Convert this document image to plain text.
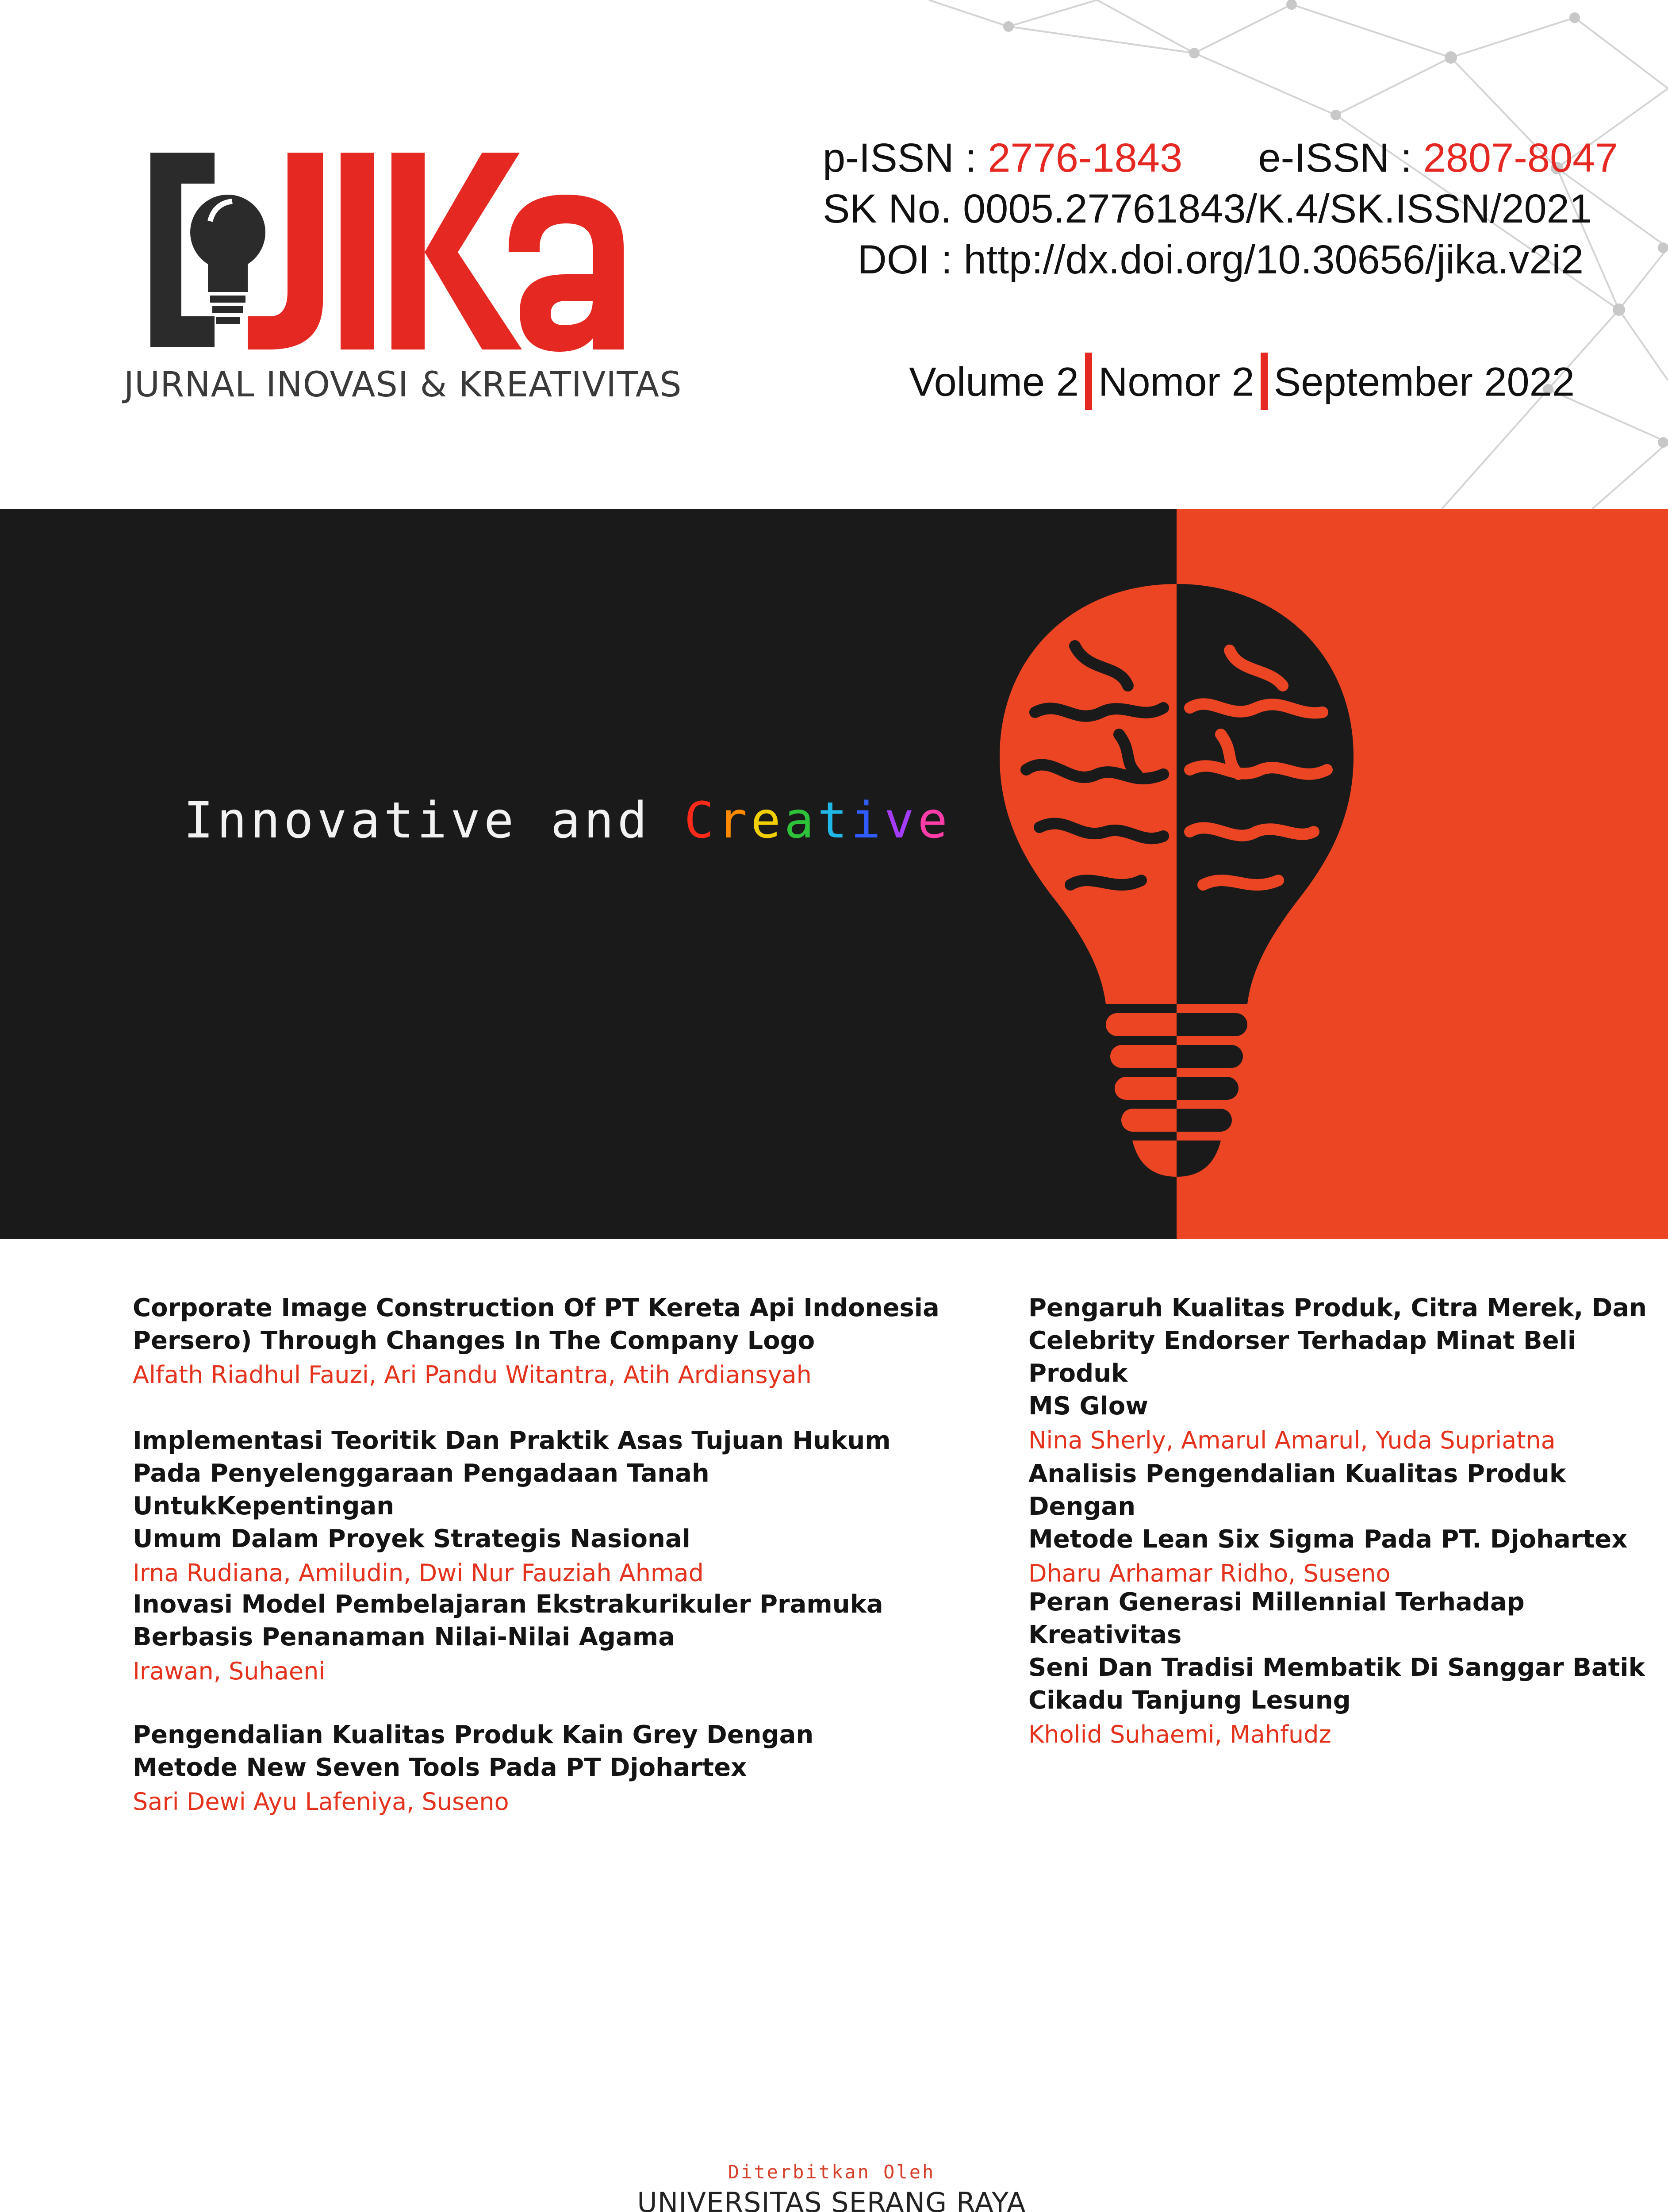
JURNAL INOVASI & KREATIVITAS
p-ISSN : 2776-1843 e-ISSN : 2807-8047
SK No. 0005.27761843/K.4/SK.ISSN/2021
DOI : http://dx.doi.org/10.30656/jika.v2i2
Volume 2 Nomor 2 September 2022
Innovative and Creative
Corporate Image Construction Of PT Kereta Api Indonesia
Persero) Through Changes In The Company Logo
Alfath Riadhul Fauzi, Ari Pandu Witantra, Atih Ardiansyah
Implementasi Teoritik Dan Praktik Asas Tujuan Hukum
Pada Penyelenggaraan Pengadaan Tanah UntukKepentingan
Umum Dalam Proyek Strategis Nasional
Irna Rudiana, Amiludin, Dwi Nur Fauziah Ahmad
Inovasi Model Pembelajaran Ekstrakurikuler Pramuka
Berbasis Penanaman Nilai-Nilai Agama
Irawan, Suhaeni
Pengendalian Kualitas Produk Kain Grey Dengan
Metode New Seven Tools Pada PT Djohartex
Sari Dewi Ayu Lafeniya, Suseno
Pengaruh Kualitas Produk, Citra Merek, Dan
Celebrity Endorser Terhadap Minat Beli Produk
MS Glow
Nina Sherly, Amarul Amarul, Yuda Supriatna
Analisis Pengendalian Kualitas Produk Dengan
Metode Lean Six Sigma Pada PT. Djohartex
Dharu Arhamar Ridho, Suseno
Peran Generasi Millennial Terhadap Kreativitas
Seni Dan Tradisi Membatik Di Sanggar Batik
Cikadu Tanjung Lesung
Kholid Suhaemi, Mahfudz
Diterbitkan Oleh
UNIVERSITAS SERANG RAYA
